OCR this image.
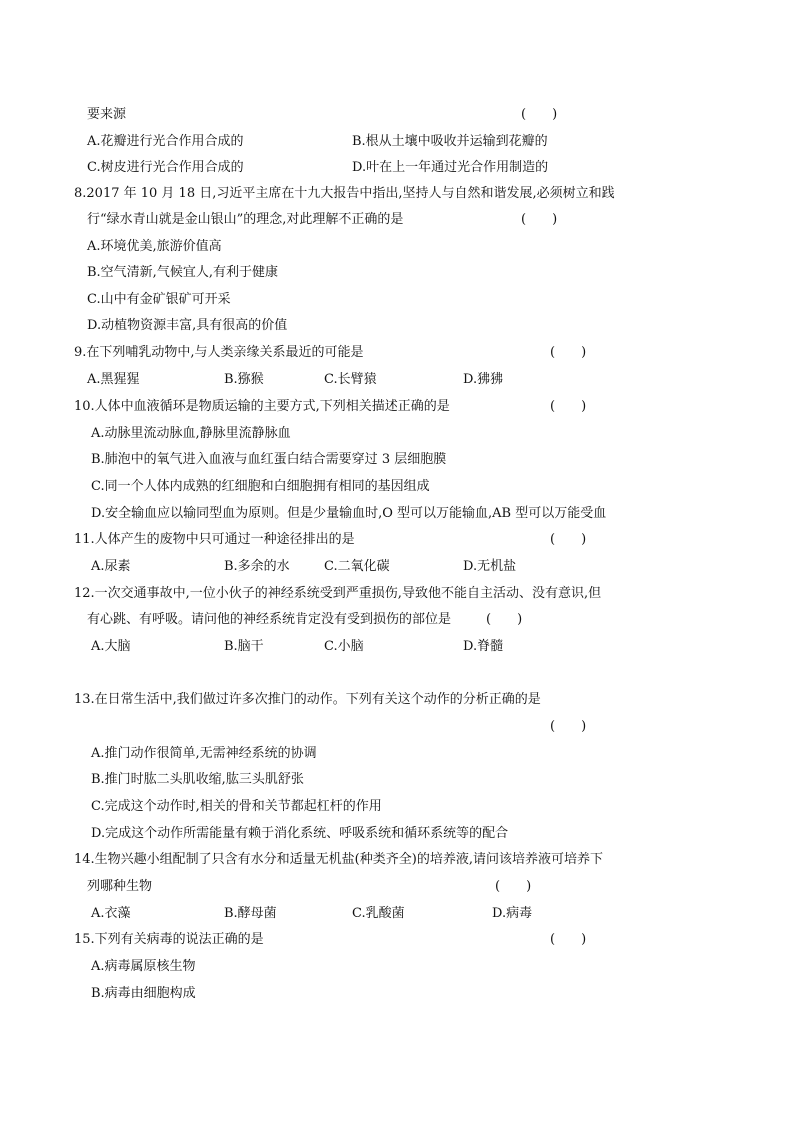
要来源	(　　)
A.花瓣进行光合作用合成的	B.根从土壤中吸收并运输到花瓣的
C.树皮进行光合作用合成的	D.叶在上一年通过光合作用制造的
8.2017 年 10 月 18 日,习近平主席在十九大报告中指出,坚持人与自然和谐发展,必须树立和践
行“绿水青山就是金山银山”的理念,对此理解不正确的是	(　　)
A.环境优美,旅游价值高
B.空气清新,气候宜人,有利于健康
C.山中有金矿银矿可开采
D.动植物资源丰富,具有很高的价值
9.在下列哺乳动物中,与人类亲缘关系最近的可能是	(　　)
A.黑猩猩	B.猕猴	C.长臂猿	D.狒狒
10.人体中血液循环是物质运输的主要方式,下列相关描述正确的是	(　　)
A.动脉里流动脉血,静脉里流静脉血
B.肺泡中的氧气进入血液与血红蛋白结合需要穿过 3 层细胞膜
C.同一个人体内成熟的红细胞和白细胞拥有相同的基因组成
D.安全输血应以输同型血为原则。但是少量输血时,O 型可以万能输血,AB 型可以万能受血
11.人体产生的废物中只可通过一种途径排出的是	(　　)
A.尿素	B.多余的水	C.二氧化碳	D.无机盐
12.一次交通事故中,一位小伙子的神经系统受到严重损伤,导致他不能自主活动、没有意识,但
有心跳、有呼吸。请问他的神经系统肯定没有受到损伤的部位是	(　　)
A.大脑	B.脑干	C.小脑	D.脊髓
13.在日常生活中,我们做过许多次推门的动作。下列有关这个动作的分析正确的是
(　　)
A.推门动作很简单,无需神经系统的协调
B.推门时肱二头肌收缩,肱三头肌舒张
C.完成这个动作时,相关的骨和关节都起杠杆的作用
D.完成这个动作所需能量有赖于消化系统、呼吸系统和循环系统等的配合
14.生物兴趣小组配制了只含有水分和适量无机盐(种类齐全)的培养液,请问该培养液可培养下
列哪种生物	(　　)
A.衣藻	B.酵母菌	C.乳酸菌	D.病毒
15.下列有关病毒的说法正确的是	(　　)
A.病毒属原核生物
B.病毒由细胞构成
